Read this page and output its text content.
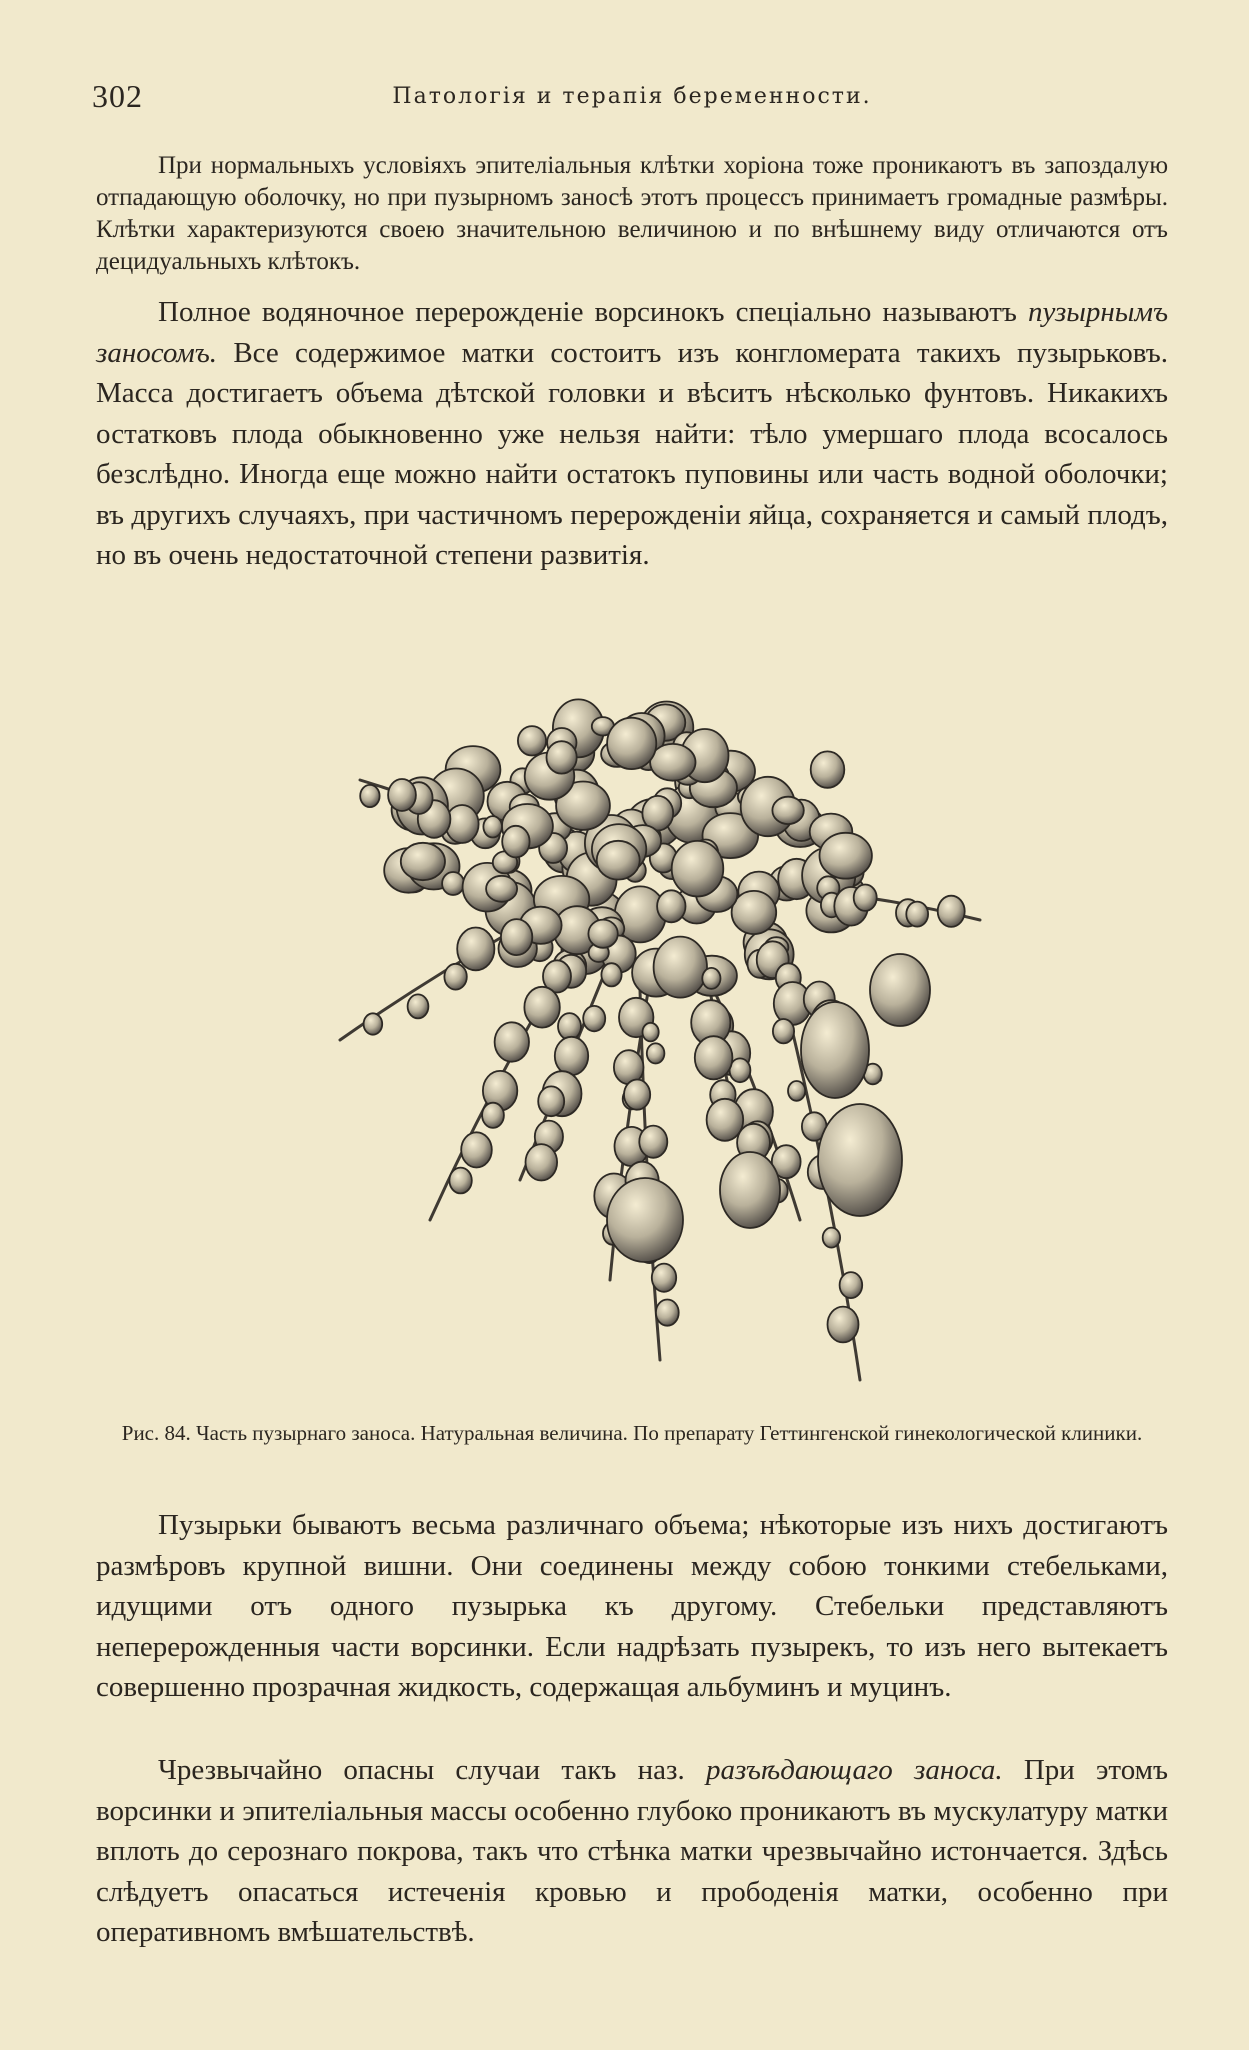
302	Патологія и терапія беременности.

При нормальныхъ условіяхъ эпителіальныя клѣтки хоріона тоже проникаютъ въ запоздалую отпадающую оболочку, но при пузырномъ заносѣ этотъ процессъ принимаетъ громадные размѣры. Клѣтки характеризуются своею значительною величиною и по внѣшнему виду отличаются отъ децидуальныхъ клѣтокъ.

Полное водяночное перерожденіе ворсинокъ спеціально называютъ пузырнымъ заносомъ. Все содержимое матки состоитъ изъ конгломерата такихъ пузырьковъ. Масса достигаетъ объема дѣтской головки и вѣситъ нѣсколько фунтовъ. Никакихъ остатковъ плода обыкновенно уже нельзя найти: тѣло умершаго плода всосалось безслѣдно. Иногда еще можно найти остатокъ пуповины или часть водной оболочки; въ другихъ случаяхъ, при частичномъ перерожденіи яйца, сохраняется и самый плодъ, но въ очень недостаточной степени развитія.

Рис. 84. Часть пузырнаго заноса. Натуральная величина. По препарату Геттингенской гинекологической клиники.

Пузырьки бываютъ весьма различнаго объема; нѣкоторые изъ нихъ достигаютъ размѣровъ крупной вишни. Они соединены между собою тонкими стебельками, идущими отъ одного пузырька къ другому. Стебельки представляютъ неперерожденныя части ворсинки. Если надрѣзать пузырекъ, то изъ него вытекаетъ совершенно прозрачная жидкость, содержащая альбуминъ и муцинъ.

Чрезвычайно опасны случаи такъ наз. разъѣдающаго заноса. При этомъ ворсинки и эпителіальныя массы особенно глубоко проникаютъ въ мускулатуру матки вплоть до серознаго покрова, такъ что стѣнка матки чрезвычайно истончается. Здѣсь слѣдуетъ опасаться истеченія кровью и прободенія матки, особенно при оперативномъ вмѣшательствѣ.
